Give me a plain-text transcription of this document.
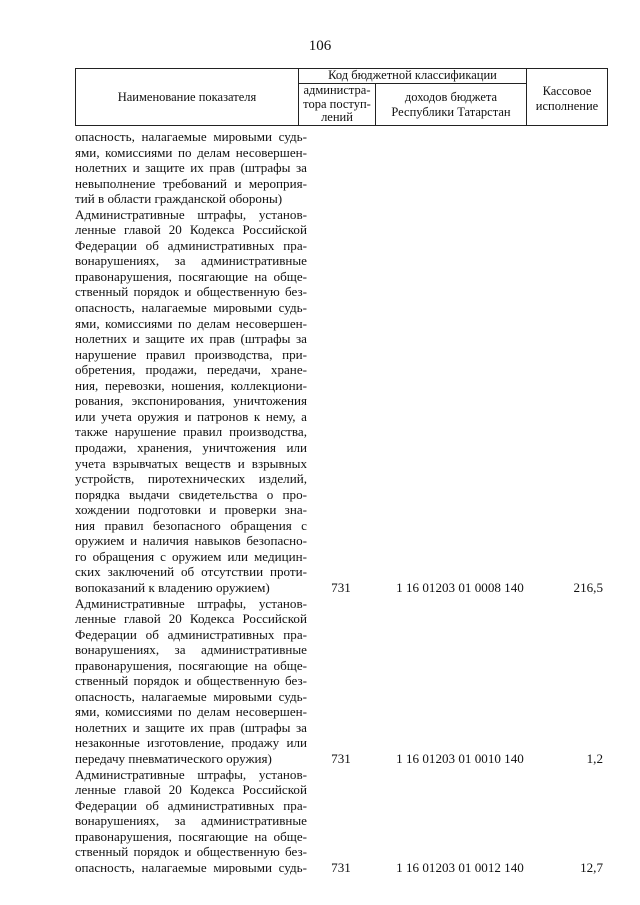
106
Наименование показателя
Код бюджетной классификации
администра-
тора поступ-
лений
доходов бюджета
Республики Татарстан
Кассовое
исполнение
опасность, налагаемые мировыми судь-
ями, комиссиями по делам несовершен-
нолетних и защите их прав (штрафы за
невыполнение требований и мероприя-
тий в области гражданской обороны)
Административные штрафы, установ-
ленные главой 20 Кодекса Российской
Федерации об административных пра-
вонарушениях, за административные
правонарушения, посягающие на обще-
ственный порядок и общественную без-
опасность, налагаемые мировыми судь-
ями, комиссиями по делам несовершен-
нолетних и защите их прав (штрафы за
нарушение правил производства, при-
обретения, продажи, передачи, хране-
ния, перевозки, ношения, коллекциони-
рования, экспонирования, уничтожения
или учета оружия и патронов к нему, а
также нарушение правил производства,
продажи, хранения, уничтожения или
учета взрывчатых веществ и взрывных
устройств, пиротехнических изделий,
порядка выдачи свидетельства о про-
хождении подготовки и проверки зна-
ния правил безопасного обращения с
оружием и наличия навыков безопасно-
го обращения с оружием или медицин-
ских заключений об отсутствии проти-
вопоказаний к владению оружием)	731	1 16 01203 01 0008 140	216,5
Административные штрафы, установ-
ленные главой 20 Кодекса Российской
Федерации об административных пра-
вонарушениях, за административные
правонарушения, посягающие на обще-
ственный порядок и общественную без-
опасность, налагаемые мировыми судь-
ями, комиссиями по делам несовершен-
нолетних и защите их прав (штрафы за
незаконные изготовление, продажу или
передачу пневматического оружия)	731	1 16 01203 01 0010 140	1,2
Административные штрафы, установ-
ленные главой 20 Кодекса Российской
Федерации об административных пра-
вонарушениях, за административные
правонарушения, посягающие на обще-
ственный порядок и общественную без-
опасность, налагаемые мировыми судь- 731	1 16 01203 01 0012 140	12,7
